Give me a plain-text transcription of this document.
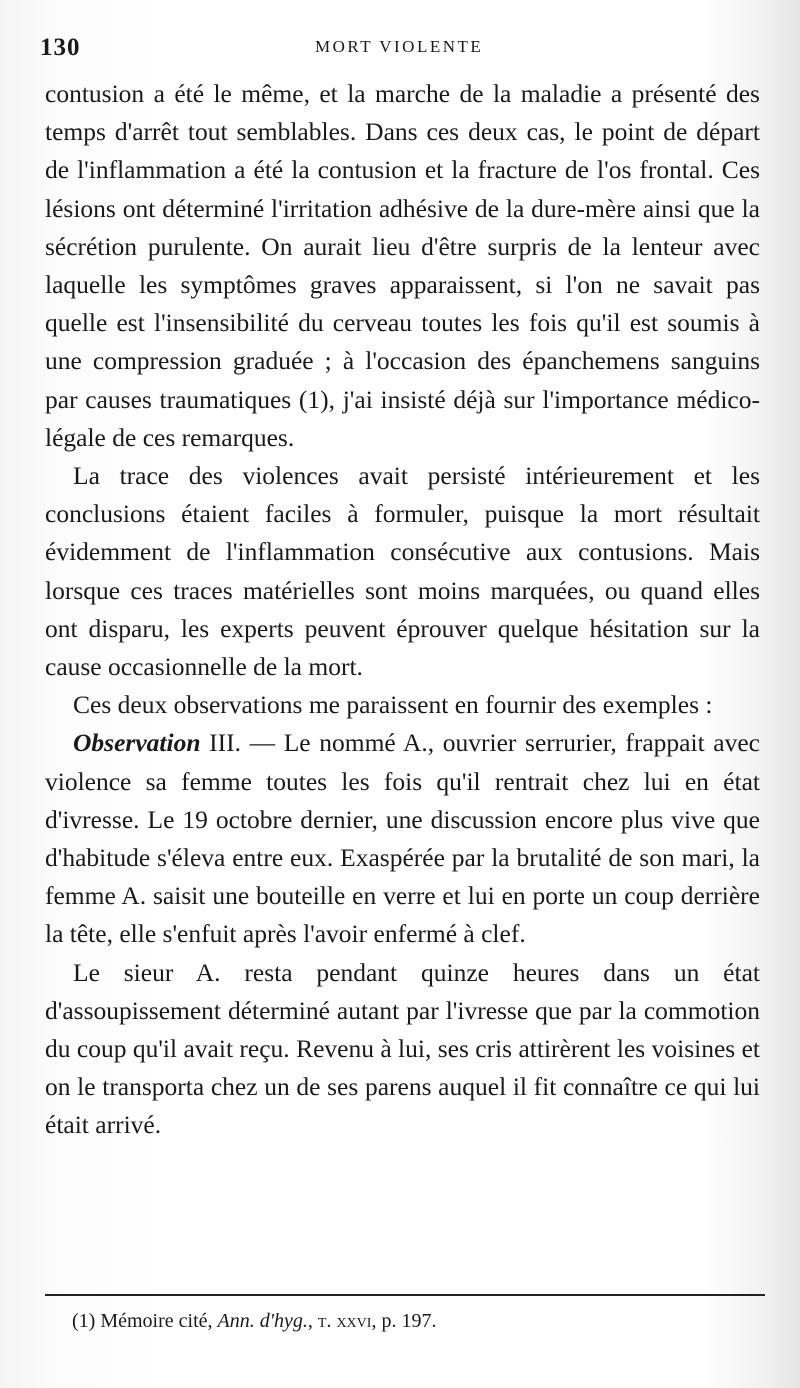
130	MORT VIOLENTE

contusion a été le même, et la marche de la maladie a présenté des temps d'arrêt tout semblables. Dans ces deux cas, le point de départ de l'inflammation a été la contusion et la fracture de l'os frontal. Ces lésions ont déterminé l'irritation adhésive de la dure-mère ainsi que la sécrétion purulente. On aurait lieu d'être surpris de la lenteur avec laquelle les symptômes graves apparaissent, si l'on ne savait pas quelle est l'insensibilité du cerveau toutes les fois qu'il est soumis à une compression graduée ; à l'occasion des épanchemens sanguins par causes traumatiques (1), j'ai insisté déjà sur l'importance médico-légale de ces remarques.

La trace des violences avait persisté intérieurement et les conclusions étaient faciles à formuler, puisque la mort résultait évidemment de l'inflammation consécutive aux contusions. Mais lorsque ces traces matérielles sont moins marquées, ou quand elles ont disparu, les experts peuvent éprouver quelque hésitation sur la cause occasionnelle de la mort.

Ces deux observations me paraissent en fournir des exemples :

Observation III. — Le nommé A., ouvrier serrurier, frappait avec violence sa femme toutes les fois qu'il rentrait chez lui en état d'ivresse. Le 19 octobre dernier, une discussion encore plus vive que d'habitude s'éleva entre eux. Exaspérée par la brutalité de son mari, la femme A. saisit une bouteille en verre et lui en porte un coup derrière la tête, elle s'enfuit après l'avoir enfermé à clef.

Le sieur A. resta pendant quinze heures dans un état d'assoupissement déterminé autant par l'ivresse que par la commotion du coup qu'il avait reçu. Revenu à lui, ses cris attirèrent les voisines et on le transporta chez un de ses parens auquel il fit connaître ce qui lui était arrivé.

(1) Mémoire cité, Ann. d'hyg., t. xxvi, p. 197.
